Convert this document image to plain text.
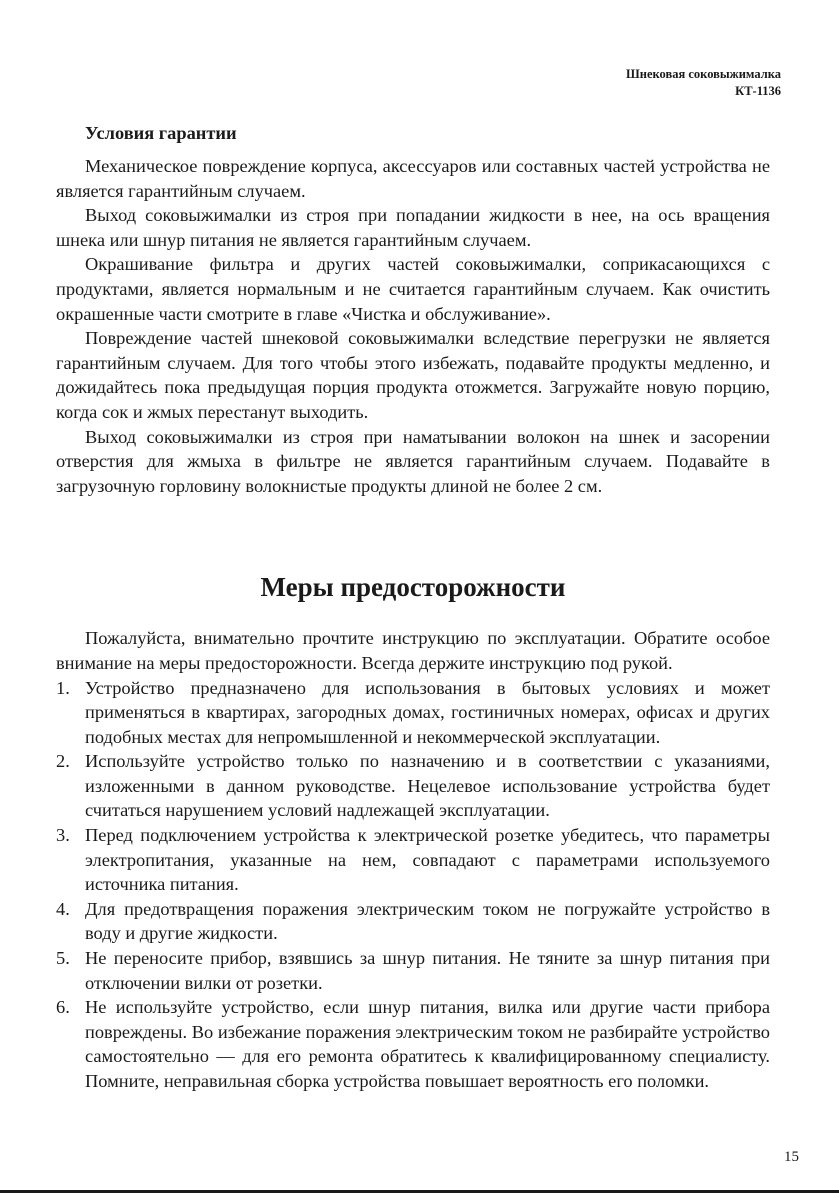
Шнековая соковыжималка
КТ-1136
Условия гарантии

Механическое повреждение корпуса, аксессуаров или составных частей устройства не является гарантийным случаем.

Выход соковыжималки из строя при попадании жидкости в нее, на ось вращения шнека или шнур питания не является гарантийным случаем.

Окрашивание фильтра и других частей соковыжималки, соприкасающихся с продуктами, является нормальным и не считается гарантийным случаем. Как очистить окрашенные части смотрите в главе «Чистка и обслуживание».

Повреждение частей шнековой соковыжималки вследствие перегрузки не является гарантийным случаем. Для того чтобы этого избежать, подавайте продукты медленно, и дожидайтесь пока предыдущая порция продукта отожмется. Загружайте новую порцию, когда сок и жмых перестанут выходить.

Выход соковыжималки из строя при наматывании волокон на шнек и засорении отверстия для жмыха в фильтре не является гарантийным случаем. Подавайте в загрузочную горловину волокнистые продукты длиной не более 2 см.

Меры предосторожности

Пожалуйста, внимательно прочтите инструкцию по эксплуатации. Обратите особое внимание на меры предосторожности. Всегда держите инструкцию под рукой.

1. Устройство предназначено для использования в бытовых условиях и может применяться в квартирах, загородных домах, гостиничных номерах, офисах и других подобных местах для непромышленной и некоммерческой эксплуатации.
2. Используйте устройство только по назначению и в соответствии с указаниями, изложенными в данном руководстве. Нецелевое использование устройства будет считаться нарушением условий надлежащей эксплуатации.
3. Перед подключением устройства к электрической розетке убедитесь, что параметры электропитания, указанные на нем, совпадают с параметрами используемого источника питания.
4. Для предотвращения поражения электрическим током не погружайте устройство в воду и другие жидкости.
5. Не переносите прибор, взявшись за шнур питания. Не тяните за шнур питания при отключении вилки от розетки.
6. Не используйте устройство, если шнур питания, вилка или другие части прибора повреждены. Во избежание поражения электрическим током не разбирайте устройство самостоятельно — для его ремонта обратитесь к квалифицированному специалисту. Помните, неправильная сборка устройства повышает вероятность его поломки.
15
